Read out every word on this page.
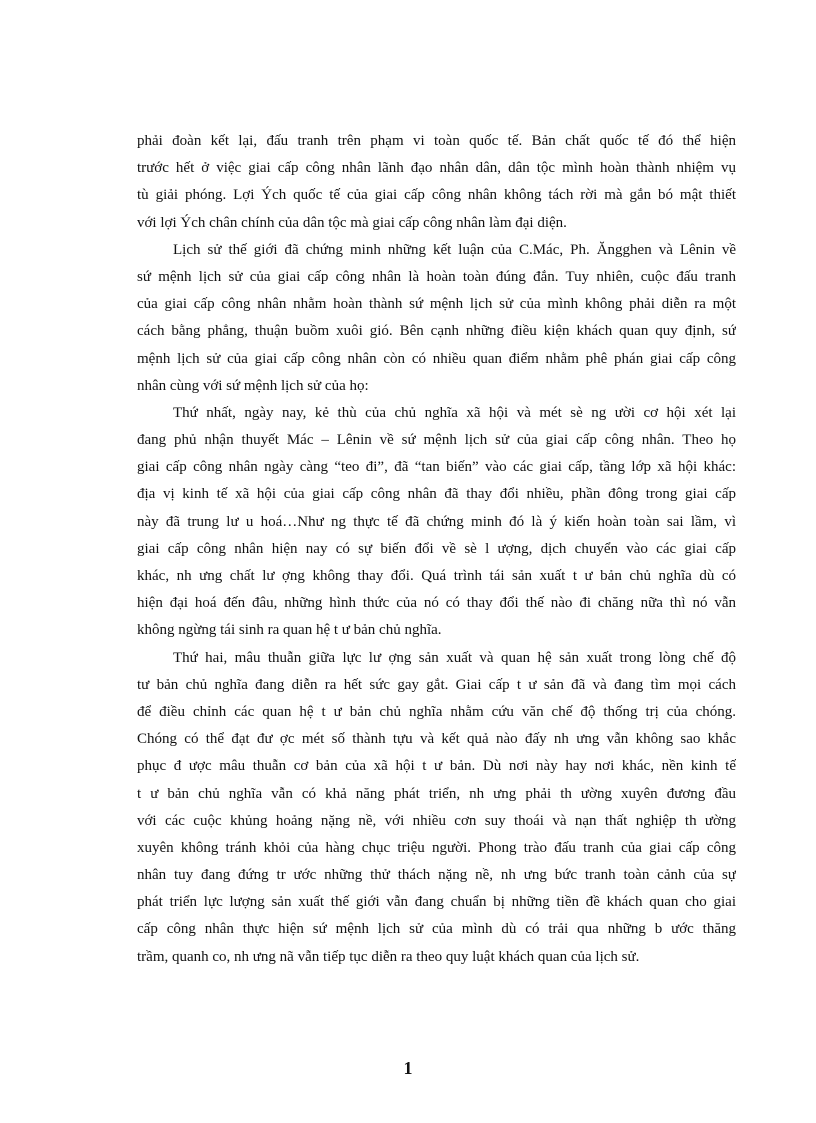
phải đoàn kết lại, đấu tranh trên phạm vi toàn quốc tế. Bản chất quốc tế đó thể hiện
trước hết ở việc giai cấp công nhân lãnh đạo nhân dân, dân tộc mình hoàn thành nhiệm vụ
tù giải phóng. Lợi Ých quốc tế của giai cấp công nhân không tách rời mà gắn bó mật thiết
với lợi Ých chân chính của dân tộc mà giai cấp công nhân làm đại diện.
Lịch sử thế giới đã chứng minh những kết luận của C.Mác, Ph. Ăngghen và Lênin về
sứ mệnh lịch sử của giai cấp công nhân là hoàn toàn đúng đắn. Tuy nhiên, cuộc đấu tranh
của giai cấp công nhân nhằm hoàn thành sứ mệnh lịch sử của mình không phải diễn ra một
cách bằng phẳng, thuận buồm xuôi gió. Bên cạnh những điều kiện khách quan quy định, sứ
mệnh lịch sử của giai cấp công nhân còn có nhiều quan điểm nhằm phê phán giai cấp công
nhân cùng với sứ mệnh lịch sử của họ:
Thứ nhất, ngày nay, kẻ thù của chủ nghĩa xã hội và mét sè ng ười cơ hội xét lại
đang phủ nhận thuyết Mác – Lênin về sứ mệnh lịch sử của giai cấp công nhân. Theo họ
giai cấp công nhân ngày càng “teo đi”, đã “tan biến” vào các giai cấp, tầng lớp xã hội khác:
địa vị kinh tế xã hội của giai cấp công nhân đã thay đổi nhiều, phần đông trong giai cấp
này đã trung lư u hoá…Như ng thực tế đã chứng minh đó là ý kiến hoàn toàn sai lầm, vì
giai cấp công nhân hiện nay có sự biến đổi về sè l ượng, dịch chuyển vào các giai cấp
khác, nh ưng chất lư ợng không thay đổi. Quá trình tái sản xuất t ư bản chủ nghĩa dù có
hiện đại hoá đến đâu, những hình thức của nó có thay đổi thế nào đi chăng nữa thì nó vẫn
không ngừng tái sinh ra quan hệ t ư bản chủ nghĩa.
Thứ hai, mâu thuẫn giữa lực lư ợng sản xuất và quan hệ sản xuất trong lòng chế độ
tư bản chủ nghĩa đang diễn ra hết sức gay gắt. Giai cấp t ư sản đã và đang tìm mọi cách
để điều chỉnh các quan hệ t ư bản chủ nghĩa nhằm cứu văn chế độ thống trị của chóng.
Chóng có thể đạt đư ợc mét số thành tựu và kết quả nào đấy nh ưng vẫn không sao khắc
phục đ ược mâu thuẫn cơ bản của xã hội t ư bản. Dù nơi này hay nơi khác, nền kinh tế
t ư bản chủ nghĩa vẫn có khả năng phát triển, nh ưng phải th ường xuyên đương đầu
với các cuộc khủng hoảng nặng nề, với nhiều cơn suy thoái và nạn thất nghiệp th ường
xuyên không tránh khỏi của hàng chục triệu người. Phong trào đấu tranh của giai cấp công
nhân tuy đang đứng tr ước những thử thách nặng nề, nh ưng bức tranh toàn cảnh của sự
phát triển lực lượng sản xuất thế giới vẫn đang chuẩn bị những tiền đề khách quan cho giai
cấp công nhân thực hiện sứ mệnh lịch sử của mình dù có trải qua những b ước thăng
trầm, quanh co, nh ưng nã vẫn tiếp tục diễn ra theo quy luật khách quan của lịch sử.
1
